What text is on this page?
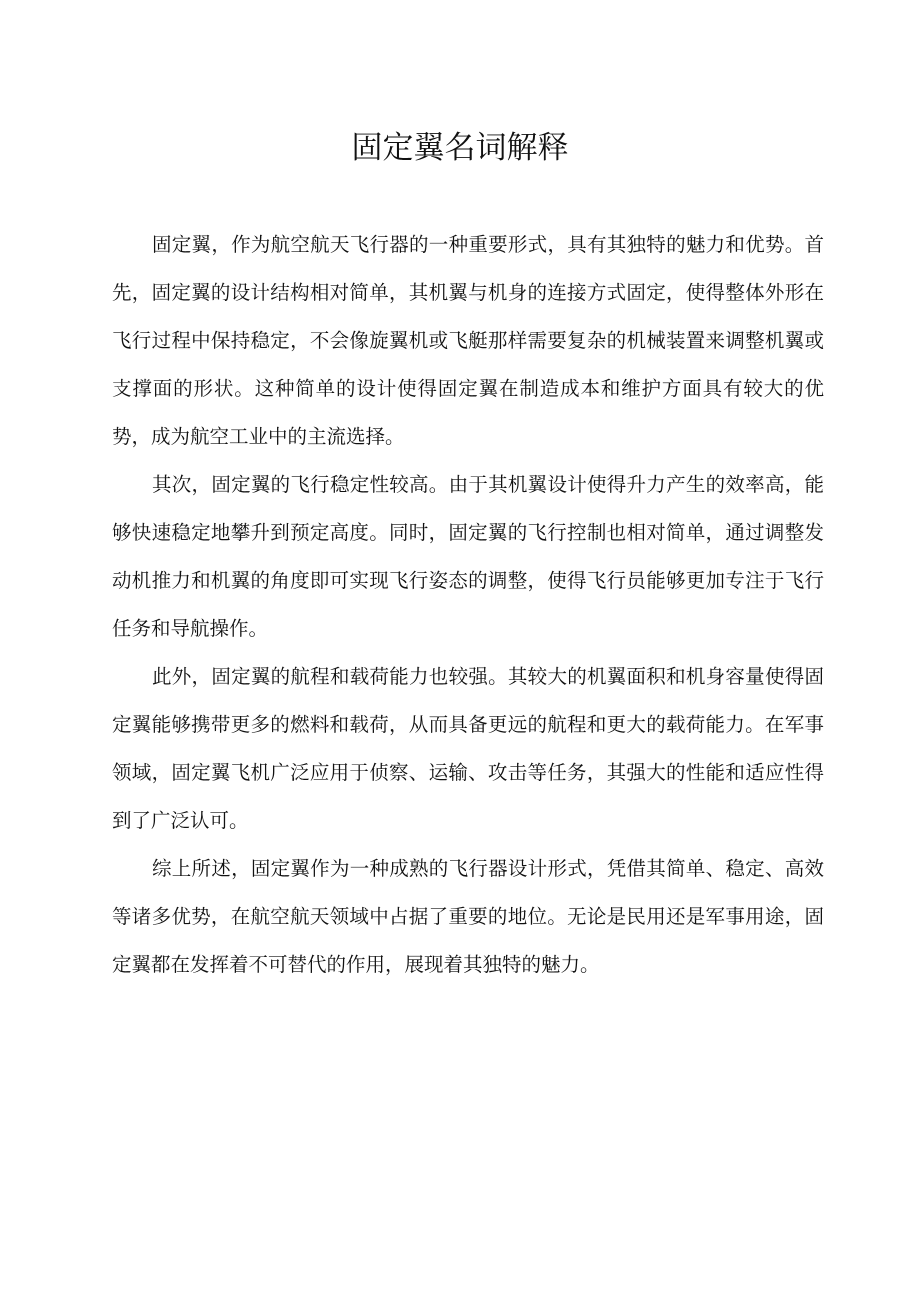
固定翼名词解释

固定翼，作为航空航天飞行器的一种重要形式，具有其独特的魅力和优势。首先，固定翼的设计结构相对简单，其机翼与机身的连接方式固定，使得整体外形在飞行过程中保持稳定，不会像旋翼机或飞艇那样需要复杂的机械装置来调整机翼或支撑面的形状。这种简单的设计使得固定翼在制造成本和维护方面具有较大的优势，成为航空工业中的主流选择。

其次，固定翼的飞行稳定性较高。由于其机翼设计使得升力产生的效率高，能够快速稳定地攀升到预定高度。同时，固定翼的飞行控制也相对简单，通过调整发动机推力和机翼的角度即可实现飞行姿态的调整，使得飞行员能够更加专注于飞行任务和导航操作。

此外，固定翼的航程和载荷能力也较强。其较大的机翼面积和机身容量使得固定翼能够携带更多的燃料和载荷，从而具备更远的航程和更大的载荷能力。在军事领域，固定翼飞机广泛应用于侦察、运输、攻击等任务，其强大的性能和适应性得到了广泛认可。

综上所述，固定翼作为一种成熟的飞行器设计形式，凭借其简单、稳定、高效等诸多优势，在航空航天领域中占据了重要的地位。无论是民用还是军事用途，固定翼都在发挥着不可替代的作用，展现着其独特的魅力。
